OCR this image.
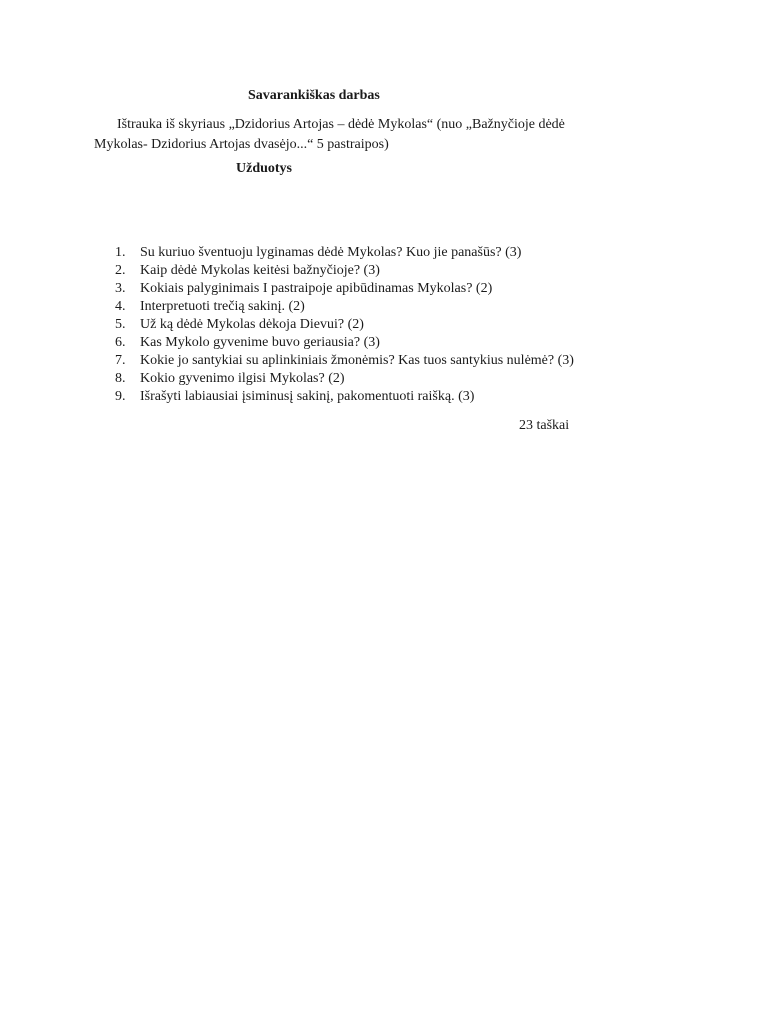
Savarankiškas darbas
Ištrauka iš skyriaus „Dzidorius Artojas – dėdė Mykolas“ (nuo „Bažnyčioje dėdė
Mykolas- Dzidorius Artojas dvasėjo...“ 5 pastraipos)
Užduotys
1.	Su kuriuo šventuoju lyginamas dėdė Mykolas? Kuo jie panašūs? (3)
2.	Kaip dėdė Mykolas keitėsi bažnyčioje? (3)
3.	Kokiais palyginimais I pastraipoje apibūdinamas Mykolas? (2)
4.	Interpretuoti trečią sakinį. (2)
5.	Už ką dėdė Mykolas dėkoja Dievui? (2)
6.	Kas Mykolo gyvenime buvo geriausia? (3)
7.	Kokie jo santykiai su aplinkiniais žmonėmis? Kas tuos santykius nulėmė? (3)
8.	Kokio gyvenimo ilgisi Mykolas? (2)
9.	Išrašyti labiausiai įsiminusį sakinį, pakomentuoti raišką. (3)
23 taškai
